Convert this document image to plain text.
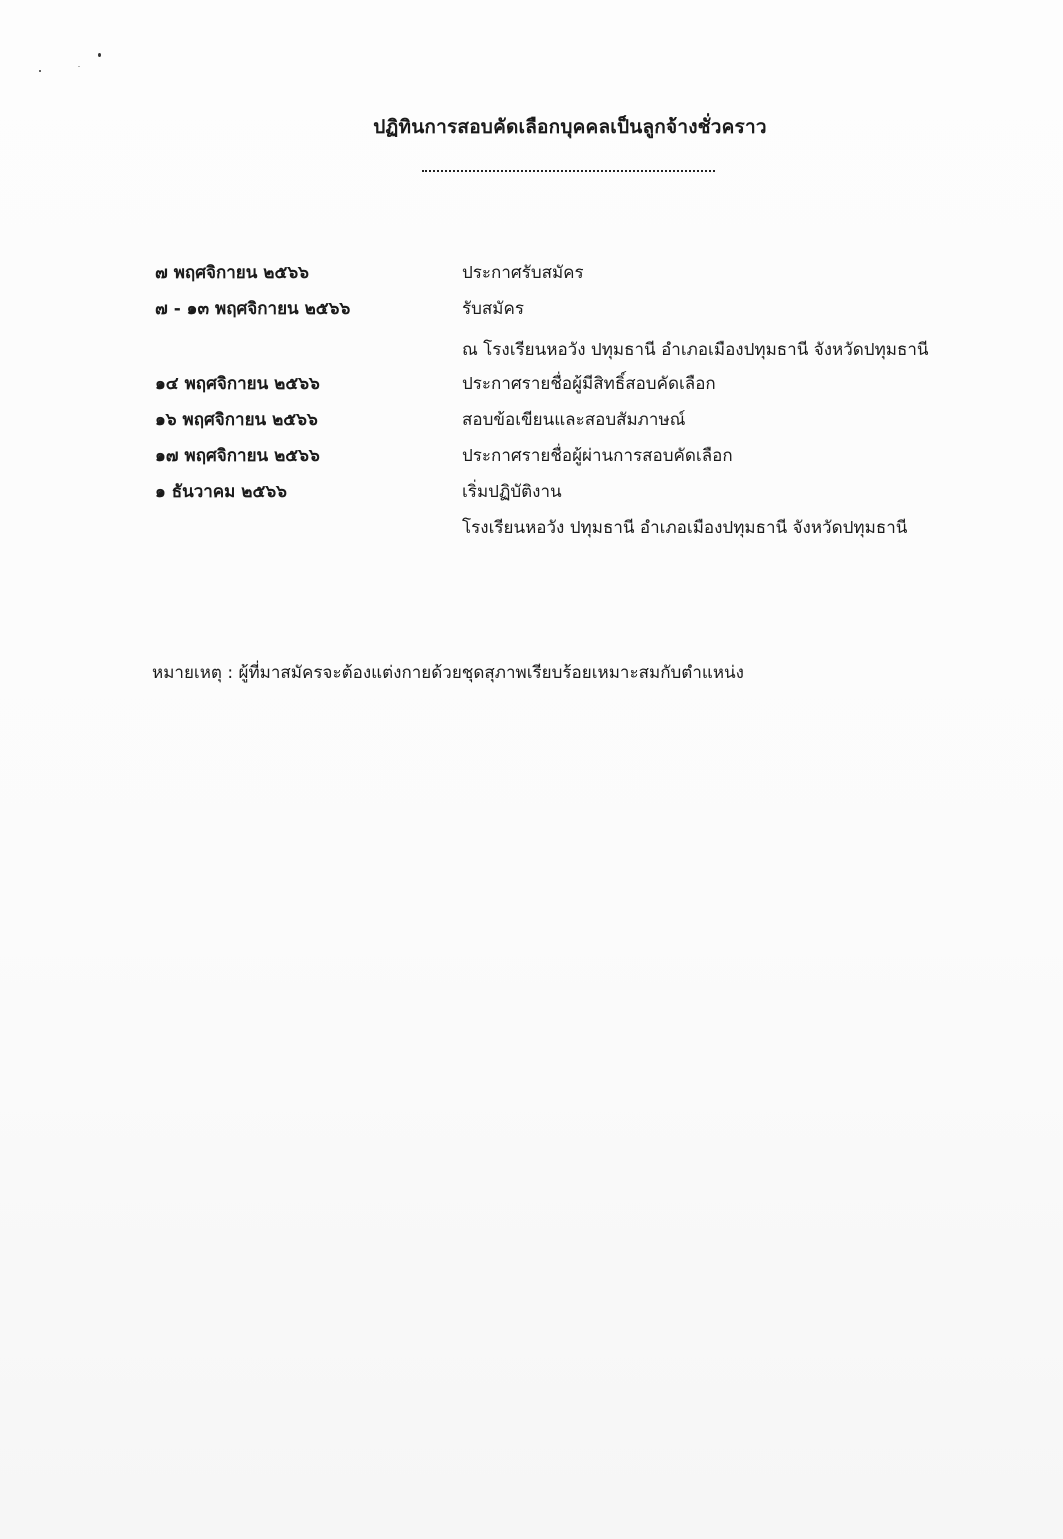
ปฏิทินการสอบคัดเลือกบุคคลเป็นลูกจ้างชั่วคราว
๗ พฤศจิกายน ๒๕๖๖	ประกาศรับสมัคร
๗ - ๑๓ พฤศจิกายน ๒๕๖๖	รับสมัคร
ณ โรงเรียนหอวัง ปทุมธานี อำเภอเมืองปทุมธานี จังหวัดปทุมธานี
๑๔ พฤศจิกายน ๒๕๖๖	ประกาศรายชื่อผู้มีสิทธิ์สอบคัดเลือก
๑๖ พฤศจิกายน ๒๕๖๖	สอบข้อเขียนและสอบสัมภาษณ์
๑๗ พฤศจิกายน ๒๕๖๖	ประกาศรายชื่อผู้ผ่านการสอบคัดเลือก
๑ ธันวาคม ๒๕๖๖	เริ่มปฏิบัติงาน
โรงเรียนหอวัง ปทุมธานี อำเภอเมืองปทุมธานี จังหวัดปทุมธานี
หมายเหตุ : ผู้ที่มาสมัครจะต้องแต่งกายด้วยชุดสุภาพเรียบร้อยเหมาะสมกับตำแหน่ง
